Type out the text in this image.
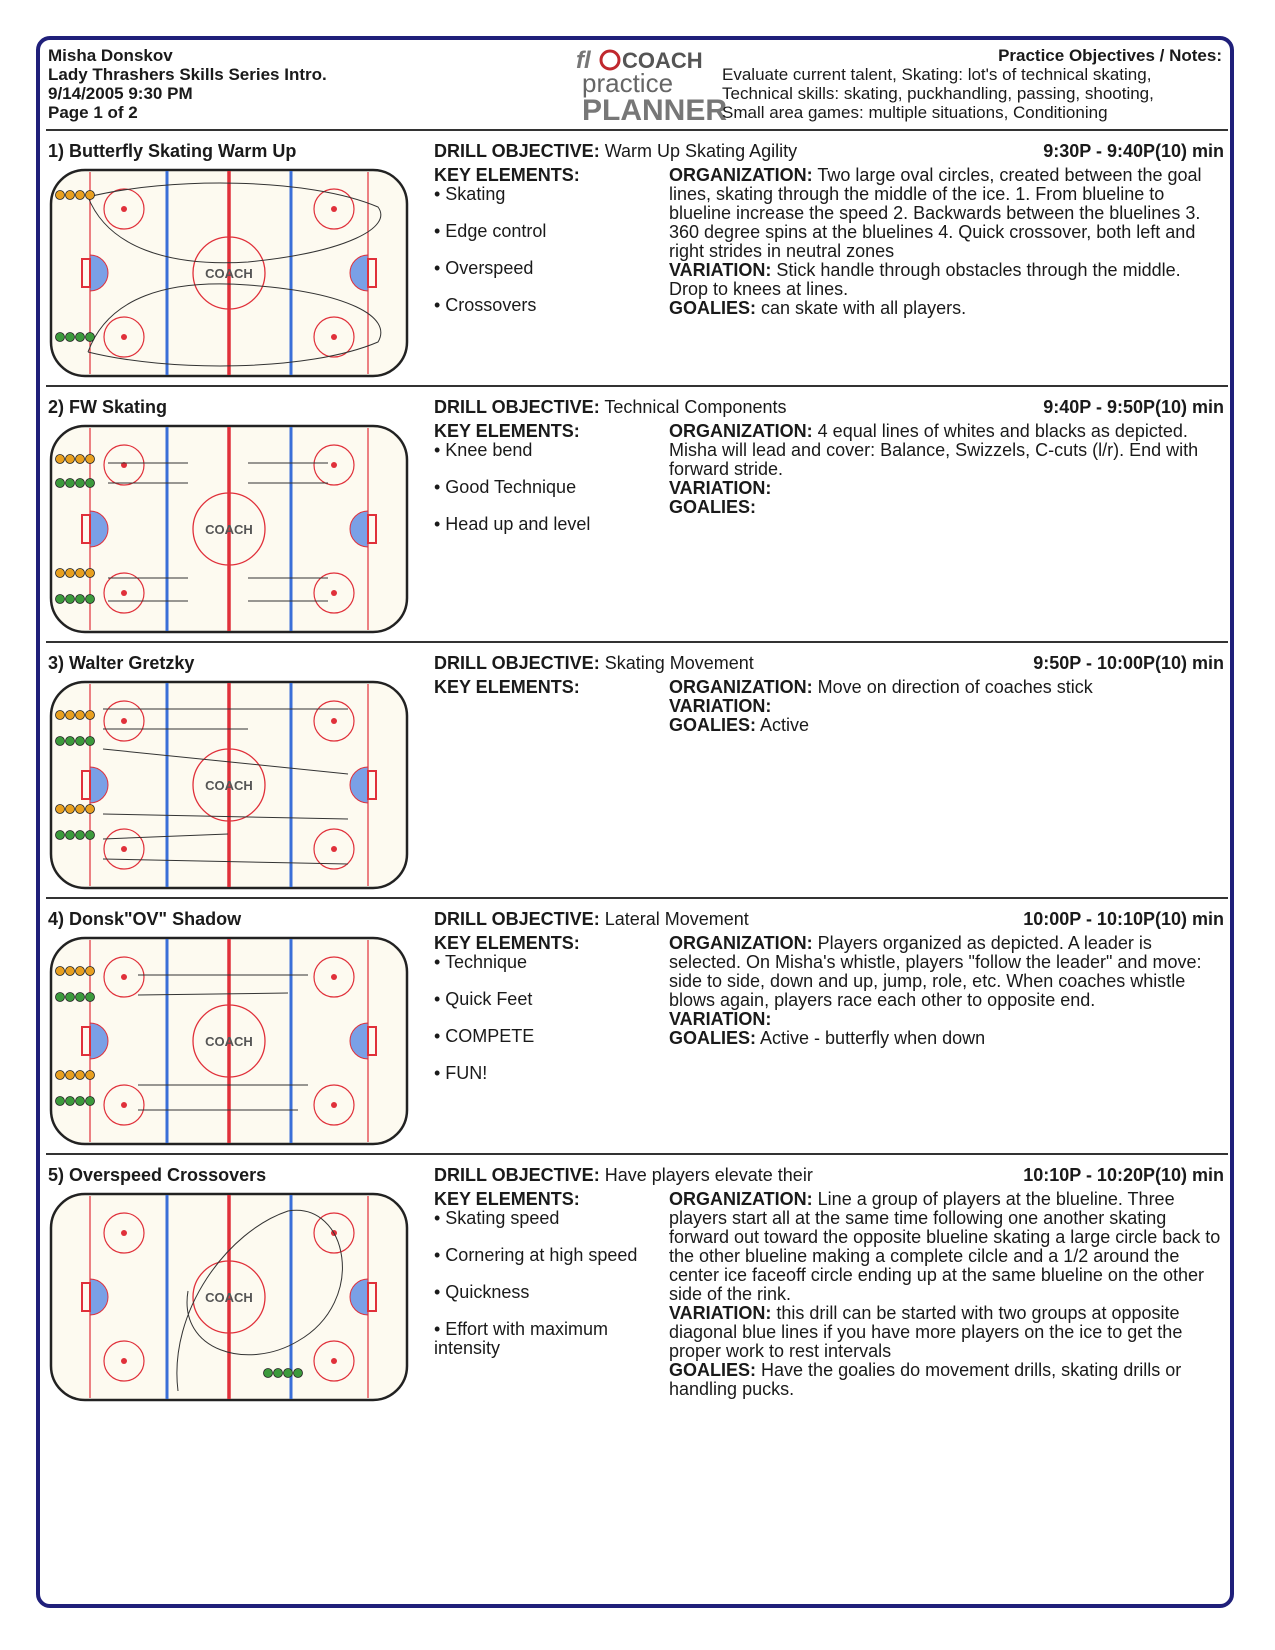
Misha Donskov
Lady Thrashers Skills Series Intro.
9/14/2005 9:30 PM
Page 1 of 2
fl COACH
practice
PLANNER
Practice Objectives / Notes:
Evaluate current talent, Skating: lot's of technical skating,
Technical skills: skating, puckhandling, passing, shooting,
Small area games: multiple situations, Conditioning
1) Butterfly Skating Warm Up
COACH
DRILL OBJECTIVE: Warm Up Skating Agility	9:30P - 9:40P(10) min
KEY ELEMENTS:
• Skating
• Edge control
• Overspeed
• Crossovers

ORGANIZATION: Two large oval circles, created between the goal lines, skating through the middle of the ice. 1. From blueline to blueline increase the speed 2. Backwards between the bluelines 3. 360 degree spins at the bluelines 4. Quick crossover, both left and right strides in neutral zones

VARIATION: Stick handle through obstacles through the middle. Drop to knees at lines.

GOALIES: can skate with all players.

2) FW Skating
COACH
DRILL OBJECTIVE: Technical Components	9:40P - 9:50P(10) min
KEY ELEMENTS:
• Knee bend
• Good Technique
• Head up and level

ORGANIZATION: 4 equal lines of whites and blacks as depicted. Misha will lead and cover: Balance, Swizzels, C-cuts (l/r). End with forward stride.

VARIATION:

GOALIES:

3) Walter Gretzky
COACH
DRILL OBJECTIVE: Skating Movement	9:50P - 10:00P(10) min
KEY ELEMENTS:	ORGANIZATION: Move on direction of coaches stick

VARIATION:

GOALIES: Active

4) Donsk"OV" Shadow
COACH
DRILL OBJECTIVE: Lateral Movement	10:00P - 10:10P(10) min
KEY ELEMENTS:
• Technique
• Quick Feet
• COMPETE
• FUN!

ORGANIZATION: Players organized as depicted. A leader is selected. On Misha's whistle, players "follow the leader" and move: side to side, down and up, jump, role, etc. When coaches whistle blows again, players race each other to opposite end.

VARIATION:

GOALIES: Active - butterfly when down

5) Overspeed Crossovers
COACH
DRILL OBJECTIVE: Have players elevate their	10:10P - 10:20P(10) min
KEY ELEMENTS:
• Skating speed
• Cornering at high speed
• Quickness
• Effort with maximum intensity

ORGANIZATION: Line a group of players at the blueline. Three players start all at the same time following one another skating forward out toward the opposite blueline skating a large circle back to the other blueline making a complete cilcle and a 1/2 around the center ice faceoff circle ending up at the same blueline on the other side of the rink.

VARIATION: this drill can be started with two groups at opposite diagonal blue lines if you have more players on the ice to get the proper work to rest intervals

GOALIES: Have the goalies do movement drills, skating drills or handling pucks.
